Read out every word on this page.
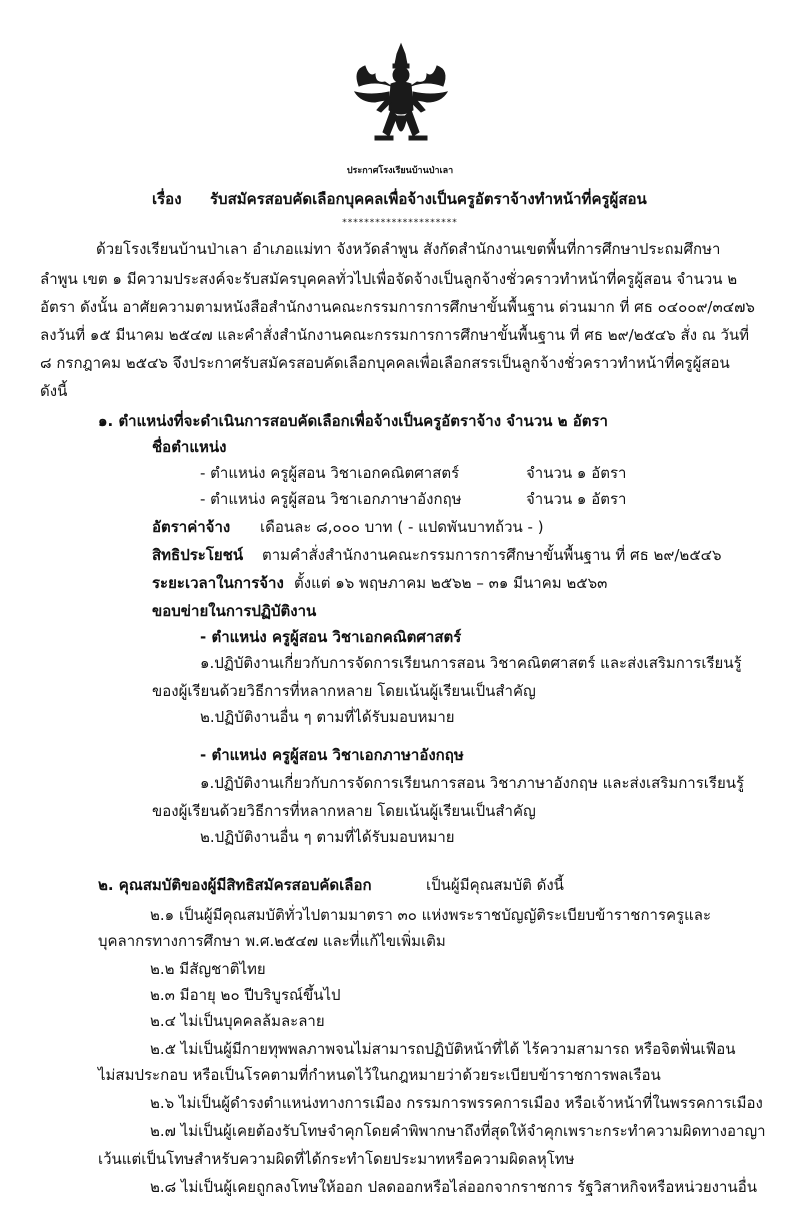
ประกาศโรงเรียนบ้านป่าเลา
เรื่อง รับสมัครสอบคัดเลือกบุคคลเพื่อจ้างเป็นครูอัตราจ้างทำหน้าที่ครูผู้สอน
*********************
ด้วยโรงเรียนบ้านป่าเลา อำเภอแม่ทา จังหวัดลำพูน สังกัดสำนักงานเขตพื้นที่การศึกษาประถมศึกษา
ลำพูน เขต ๑ มีความประสงค์จะรับสมัครบุคคลทั่วไปเพื่อจัดจ้างเป็นลูกจ้างชั่วคราวทำหน้าที่ครูผู้สอน จำนวน ๒
อัตรา ดังนั้น อาศัยความตามหนังสือสำนักงานคณะกรรมการการศึกษาขั้นพื้นฐาน ด่วนมาก ที่ ศธ ๐๔๐๐๙/๓๔๗๖
ลงวันที่ ๑๕ มีนาคม ๒๕๔๗ และคำสั่งสำนักงานคณะกรรมการการศึกษาขั้นพื้นฐาน ที่ ศธ ๒๙/๒๕๔๖ สั่ง ณ วันที่
๘ กรกฎาคม ๒๕๔๖ จึงประกาศรับสมัครสอบคัดเลือกบุคคลเพื่อเลือกสรรเป็นลูกจ้างชั่วคราวทำหน้าที่ครูผู้สอน
ดังนี้
๑. ตำแหน่งที่จะดำเนินการสอบคัดเลือกเพื่อจ้างเป็นครูอัตราจ้าง จำนวน ๒ อัตรา
ชื่อตำแหน่ง
- ตำแหน่ง ครูผู้สอน วิชาเอกคณิตศาสตร์	จำนวน ๑ อัตรา
- ตำแหน่ง ครูผู้สอน วิชาเอกภาษาอังกฤษ	จำนวน ๑ อัตรา
อัตราค่าจ้าง เดือนละ ๘,๐๐๐ บาท ( - แปดพันบาทถ้วน - )
สิทธิประโยชน์ ตามคำสั่งสำนักงานคณะกรรมการการศึกษาขั้นพื้นฐาน ที่ ศธ ๒๙/๒๕๔๖
ระยะเวลาในการจ้าง ตั้งแต่ ๑๖ พฤษภาคม ๒๕๖๒ – ๓๑ มีนาคม ๒๕๖๓
ขอบข่ายในการปฏิบัติงาน
- ตำแหน่ง ครูผู้สอน วิชาเอกคณิตศาสตร์
๑.ปฏิบัติงานเกี่ยวกับการจัดการเรียนการสอน วิชาคณิตศาสตร์ และส่งเสริมการเรียนรู้
ของผู้เรียนด้วยวิธีการที่หลากหลาย โดยเน้นผู้เรียนเป็นสำคัญ
๒.ปฏิบัติงานอื่น ๆ ตามที่ได้รับมอบหมาย
- ตำแหน่ง ครูผู้สอน วิชาเอกภาษาอังกฤษ
๑.ปฏิบัติงานเกี่ยวกับการจัดการเรียนการสอน วิชาภาษาอังกฤษ และส่งเสริมการเรียนรู้
ของผู้เรียนด้วยวิธีการที่หลากหลาย โดยเน้นผู้เรียนเป็นสำคัญ
๒.ปฏิบัติงานอื่น ๆ ตามที่ได้รับมอบหมาย
๒. คุณสมบัติของผู้มีสิทธิสมัครสอบคัดเลือก	เป็นผู้มีคุณสมบัติ ดังนี้
๒.๑ เป็นผู้มีคุณสมบัติทั่วไปตามมาตรา ๓๐ แห่งพระราชบัญญัติระเบียบข้าราชการครูและ
บุคลากรทางการศึกษา พ.ศ.๒๕๔๗ และที่แก้ไขเพิ่มเติม
๒.๒ มีสัญชาติไทย
๒.๓ มีอายุ ๒๐ ปีบริบูรณ์ขึ้นไป
๒.๔ ไม่เป็นบุคคลล้มละลาย
๒.๕ ไม่เป็นผู้มีกายทุพพลภาพจนไม่สามารถปฏิบัติหน้าที่ได้ ไร้ความสามารถ หรือจิตฟั่นเฟือน
ไม่สมประกอบ หรือเป็นโรคตามที่กำหนดไว้ในกฎหมายว่าด้วยระเบียบข้าราชการพลเรือน
๒.๖ ไม่เป็นผู้ดำรงตำแหน่งทางการเมือง กรรมการพรรคการเมือง หรือเจ้าหน้าที่ในพรรคการเมือง
๒.๗ ไม่เป็นผู้เคยต้องรับโทษจำคุกโดยคำพิพากษาถึงที่สุดให้จำคุกเพราะกระทำความผิดทางอาญา
เว้นแต่เป็นโทษสำหรับความผิดที่ได้กระทำโดยประมาทหรือความผิดลหุโทษ
๒.๘ ไม่เป็นผู้เคยถูกลงโทษให้ออก ปลดออกหรือไล่ออกจากราชการ รัฐวิสาหกิจหรือหน่วยงานอื่น
